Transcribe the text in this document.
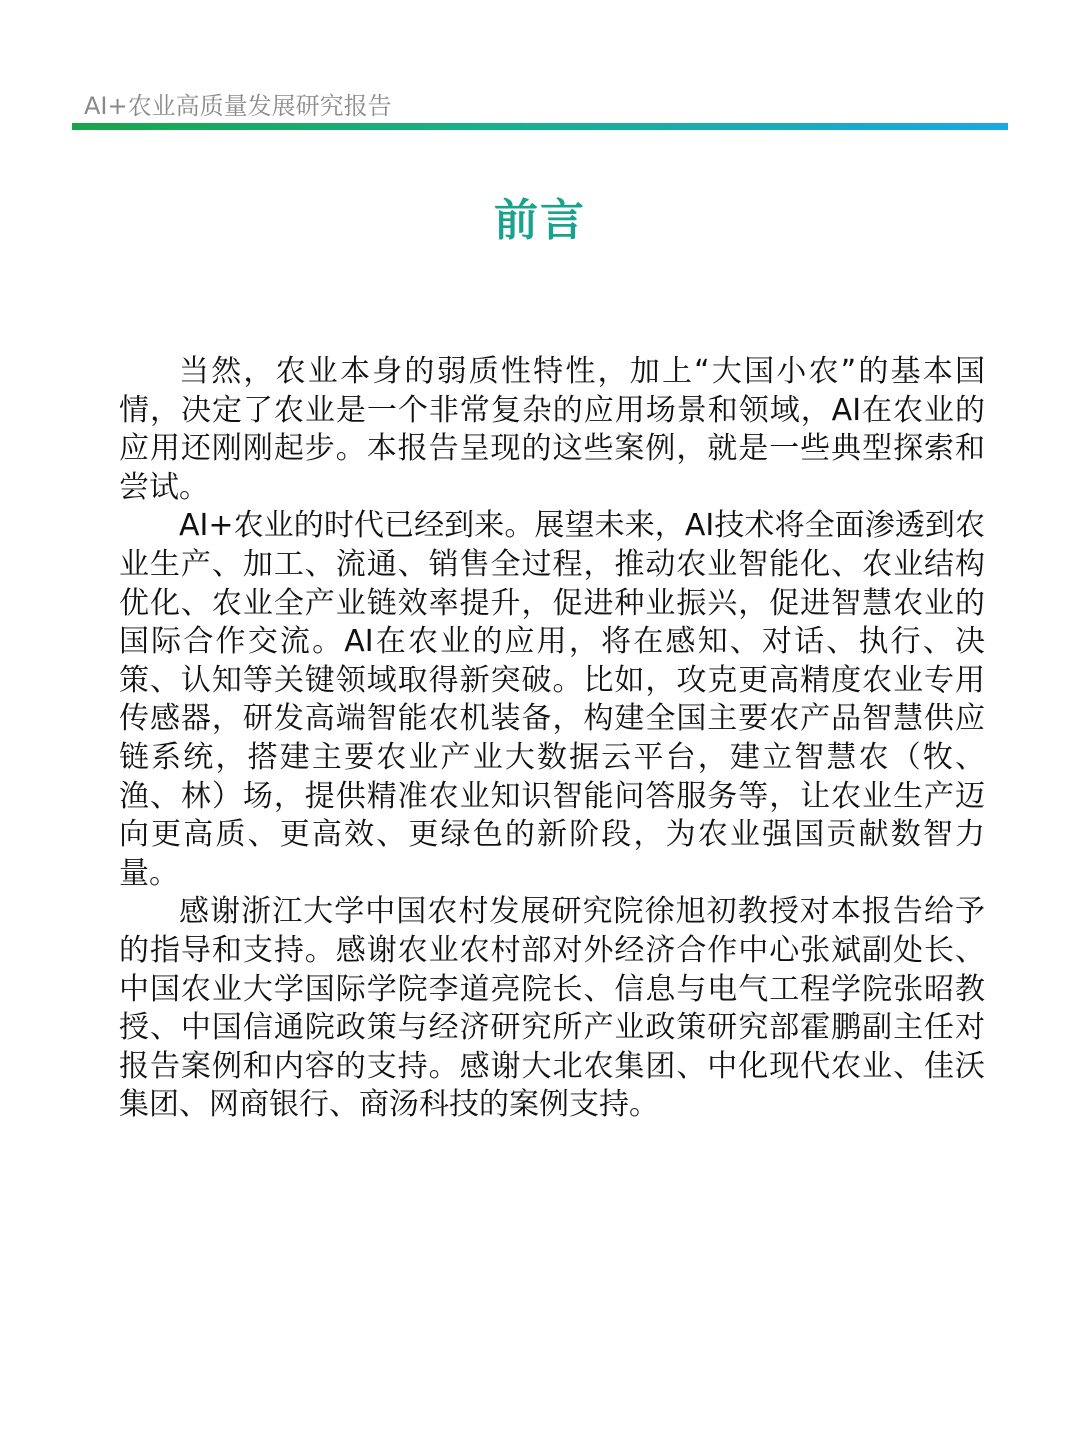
AI+农业高质量发展研究报告
前言

当然，农业本身的弱质性特性，加上“大国小农”的基本国情，决定了农业是一个非常复杂的应用场景和领域，AI在农业的应用还刚刚起步。本报告呈现的这些案例，就是一些典型探索和尝试。

AI+农业的时代已经到来。展望未来，AI技术将全面渗透到农业生产、加工、流通、销售全过程，推动农业智能化、农业结构优化、农业全产业链效率提升，促进种业振兴，促进智慧农业的国际合作交流。AI在农业的应用，将在感知、对话、执行、决策、认知等关键领域取得新突破。比如，攻克更高精度农业专用传感器，研发高端智能农机装备，构建全国主要农产品智慧供应链系统，搭建主要农业产业大数据云平台，建立智慧农（牧、渔、林）场，提供精准农业知识智能问答服务等，让农业生产迈向更高质、更高效、更绿色的新阶段，为农业强国贡献数智力量。

感谢浙江大学中国农村发展研究院徐旭初教授对本报告给予的指导和支持。感谢农业农村部对外经济合作中心张斌副处长、中国农业大学国际学院李道亮院长、信息与电气工程学院张昭教授、中国信通院政策与经济研究所产业政策研究部霍鹏副主任对报告案例和内容的支持。感谢大北农集团、中化现代农业、佳沃集团、网商银行、商汤科技的案例支持。
